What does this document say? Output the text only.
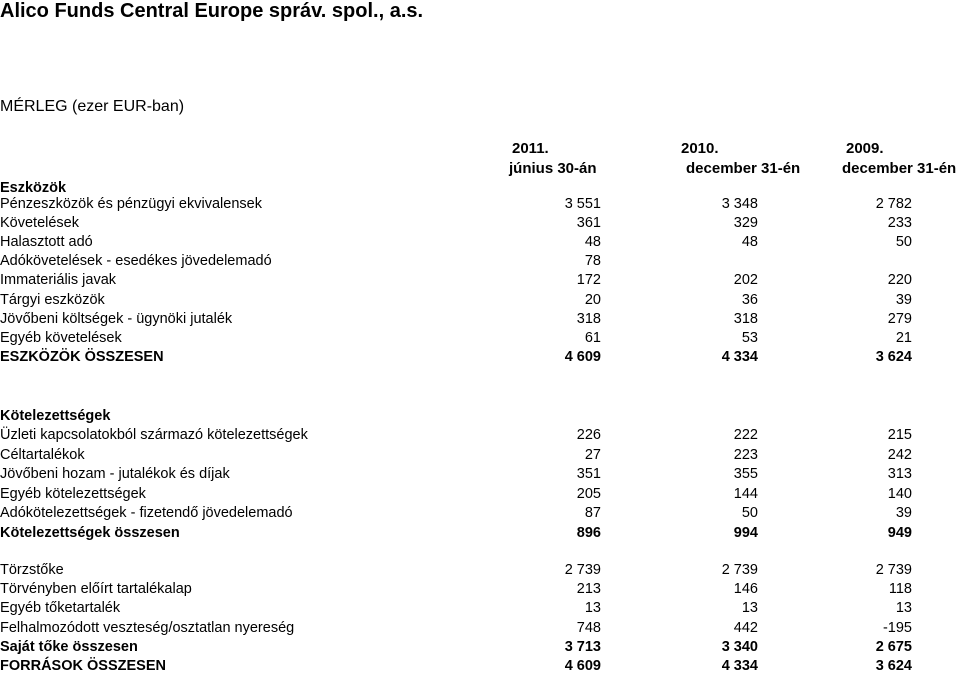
Alico Funds Central Europe správ. spol., a.s.
MÉRLEG (ezer EUR-ban)
2011.	2010.	2009.
június 30-án	december 31-én	december 31-én
Eszközök
Pénzeszközök és pénzügyi ekvivalensek	3 551	3 348	2 782
Követelések	361	329	233
Halasztott adó	48	48	50
Adókövetelések - esedékes jövedelemadó	78
Immateriális javak	172	202	220
Tárgyi eszközök	20	36	39
Jövőbeni költségek - ügynöki jutalék	318	318	279
Egyéb követelések	61	53	21
ESZKÖZÖK ÖSSZESEN	4 609	4 334	3 624
Kötelezettségek
Üzleti kapcsolatokból származó kötelezettségek	226	222	215
Céltartalékok	27	223	242
Jövőbeni hozam - jutalékok és díjak	351	355	313
Egyéb kötelezettségek	205	144	140
Adókötelezettségek - fizetendő jövedelemadó	87	50	39
Kötelezettségek összesen	896	994	949
Törzstőke	2 739	2 739	2 739
Törvényben előírt tartalékalap	213	146	118
Egyéb tőketartalék	13	13	13
Felhalmozódott veszteség/osztatlan nyereség	748	442	-195
Saját tőke összesen	3 713	3 340	2 675
FORRÁSOK ÖSSZESEN	4 609	4 334	3 624
